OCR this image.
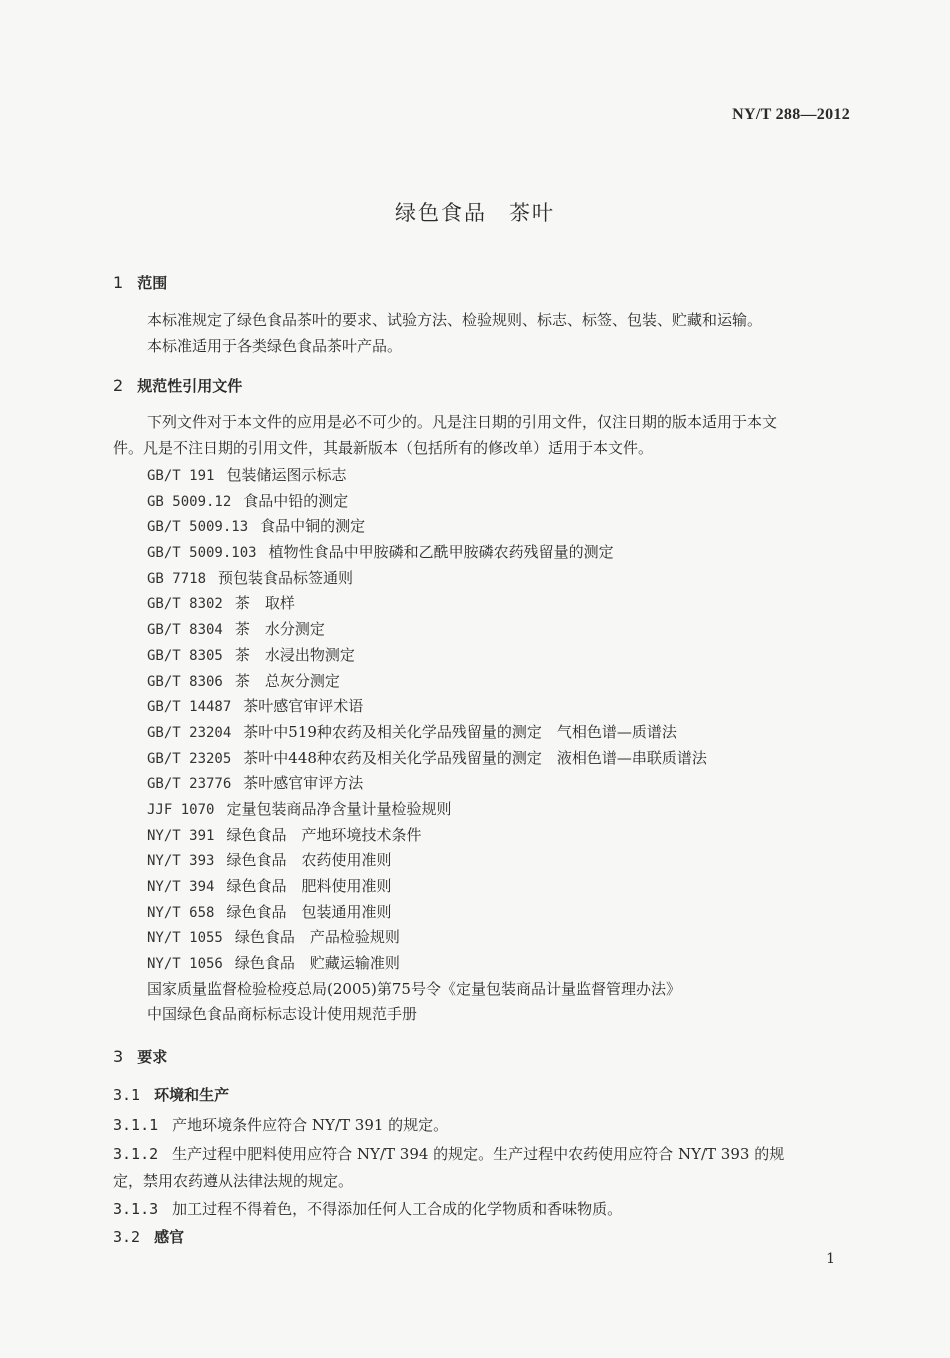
NY/T 288—2012
绿色食品 茶叶
1 范围
本标准规定了绿色食品茶叶的要求、试验方法、检验规则、标志、标签、包装、贮藏和运输。
本标准适用于各类绿色食品茶叶产品。
2 规范性引用文件
下列文件对于本文件的应用是必不可少的。凡是注日期的引用文件，仅注日期的版本适用于本文
件。凡是不注日期的引用文件，其最新版本（包括所有的修改单）适用于本文件。
GB/T 191 包装储运图示标志
GB 5009.12 食品中铅的测定
GB/T 5009.13 食品中铜的测定
GB/T 5009.103 植物性食品中甲胺磷和乙酰甲胺磷农药残留量的测定
GB 7718 预包装食品标签通则
GB/T 8302 茶　取样
GB/T 8304 茶　水分测定
GB/T 8305 茶　水浸出物测定
GB/T 8306 茶　总灰分测定
GB/T 14487 茶叶感官审评术语
GB/T 23204 茶叶中519种农药及相关化学品残留量的测定　气相色谱—质谱法
GB/T 23205 茶叶中448种农药及相关化学品残留量的测定　液相色谱—串联质谱法
GB/T 23776 茶叶感官审评方法
JJF 1070 定量包装商品净含量计量检验规则
NY/T 391 绿色食品　产地环境技术条件
NY/T 393 绿色食品　农药使用准则
NY/T 394 绿色食品　肥料使用准则
NY/T 658 绿色食品　包装通用准则
NY/T 1055 绿色食品　产品检验规则
NY/T 1056 绿色食品　贮藏运输准则
国家质量监督检验检疫总局(2005)第75号令《定量包装商品计量监督管理办法》
中国绿色食品商标标志设计使用规范手册
3 要求
3.1 环境和生产
3.1.1 产地环境条件应符合 NY/T 391 的规定。
3.1.2 生产过程中肥料使用应符合 NY/T 394 的规定。生产过程中农药使用应符合 NY/T 393 的规
定，禁用农药遵从法律法规的规定。
3.1.3 加工过程不得着色，不得添加任何人工合成的化学物质和香味物质。
3.2 感官
1
